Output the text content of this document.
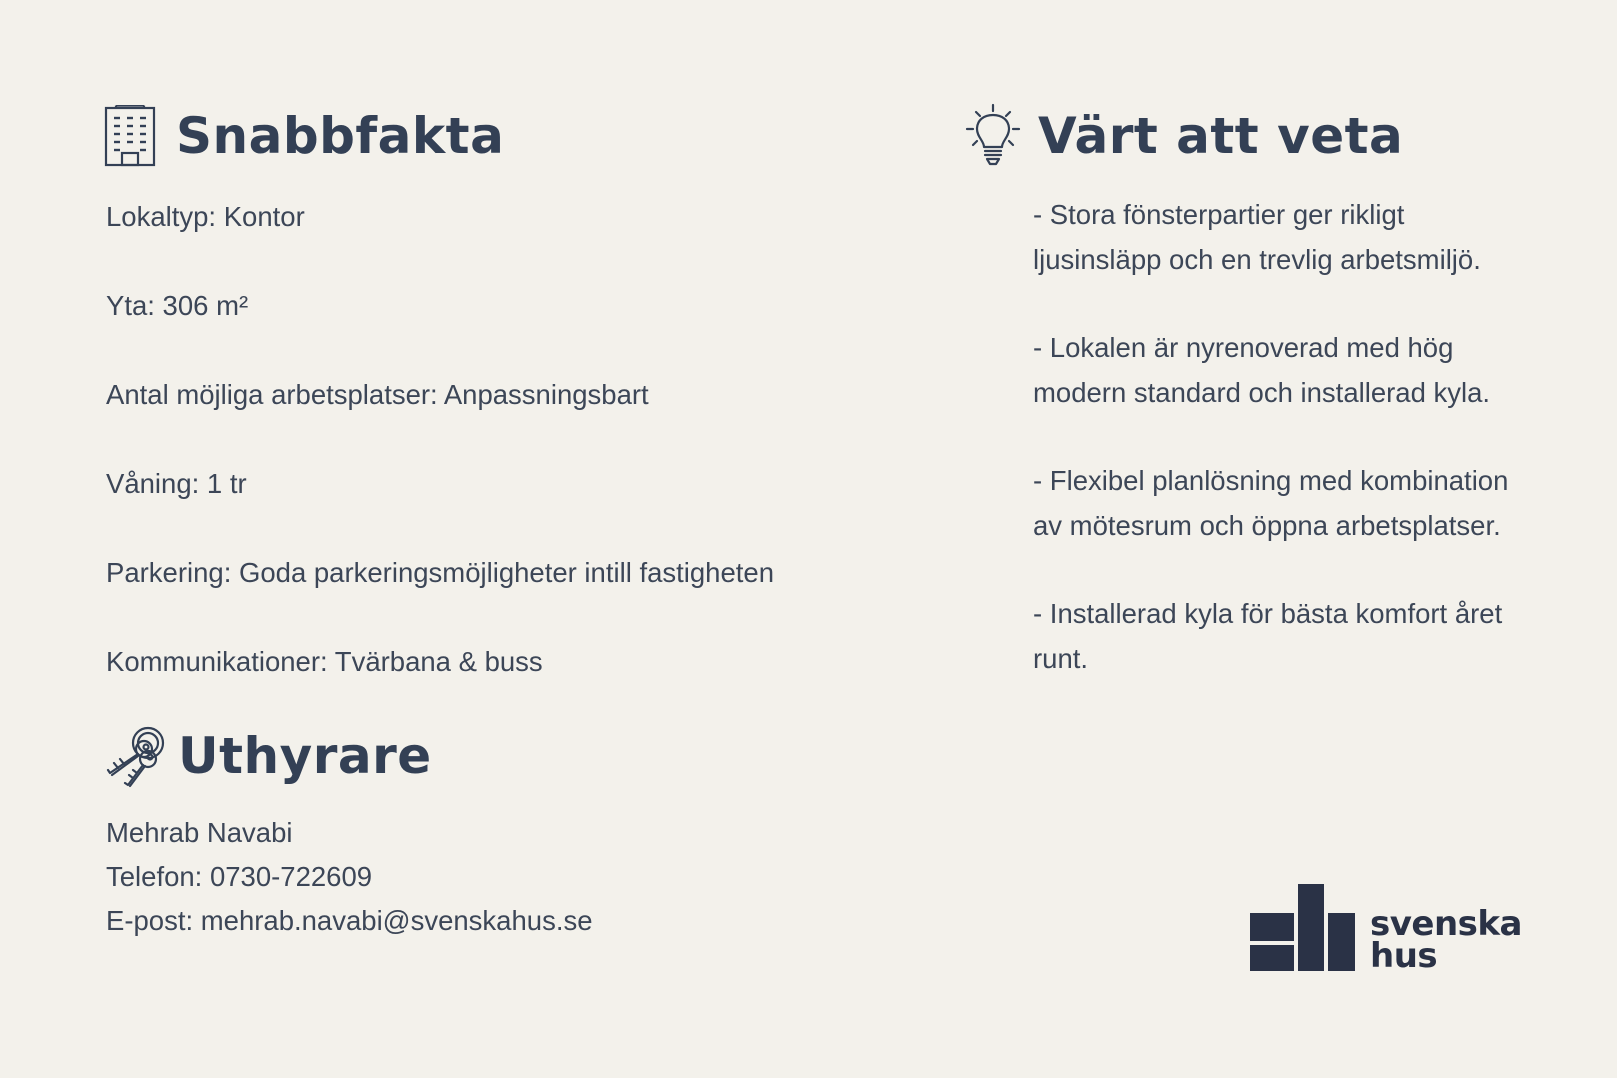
Snabbfakta
Lokaltyp: Kontor
Yta: 306 m²
Antal möjliga arbetsplatser: Anpassningsbart
Våning: 1 tr
Parkering: Goda parkeringsmöjligheter intill fastigheten
Kommunikationer: Tvärbana & buss
Uthyrare
Mehrab Navabi
Telefon: 0730-722609
E-post: mehrab.navabi@svenskahus.se
Värt att veta
- Stora fönsterpartier ger rikligt ljusinsläpp och en trevlig arbetsmiljö.
- Lokalen är nyrenoverad med hög modern standard och installerad kyla.
- Flexibel planlösning med kombination av mötesrum och öppna arbetsplatser.
- Installerad kyla för bästa komfort året runt.
svenska
hus
